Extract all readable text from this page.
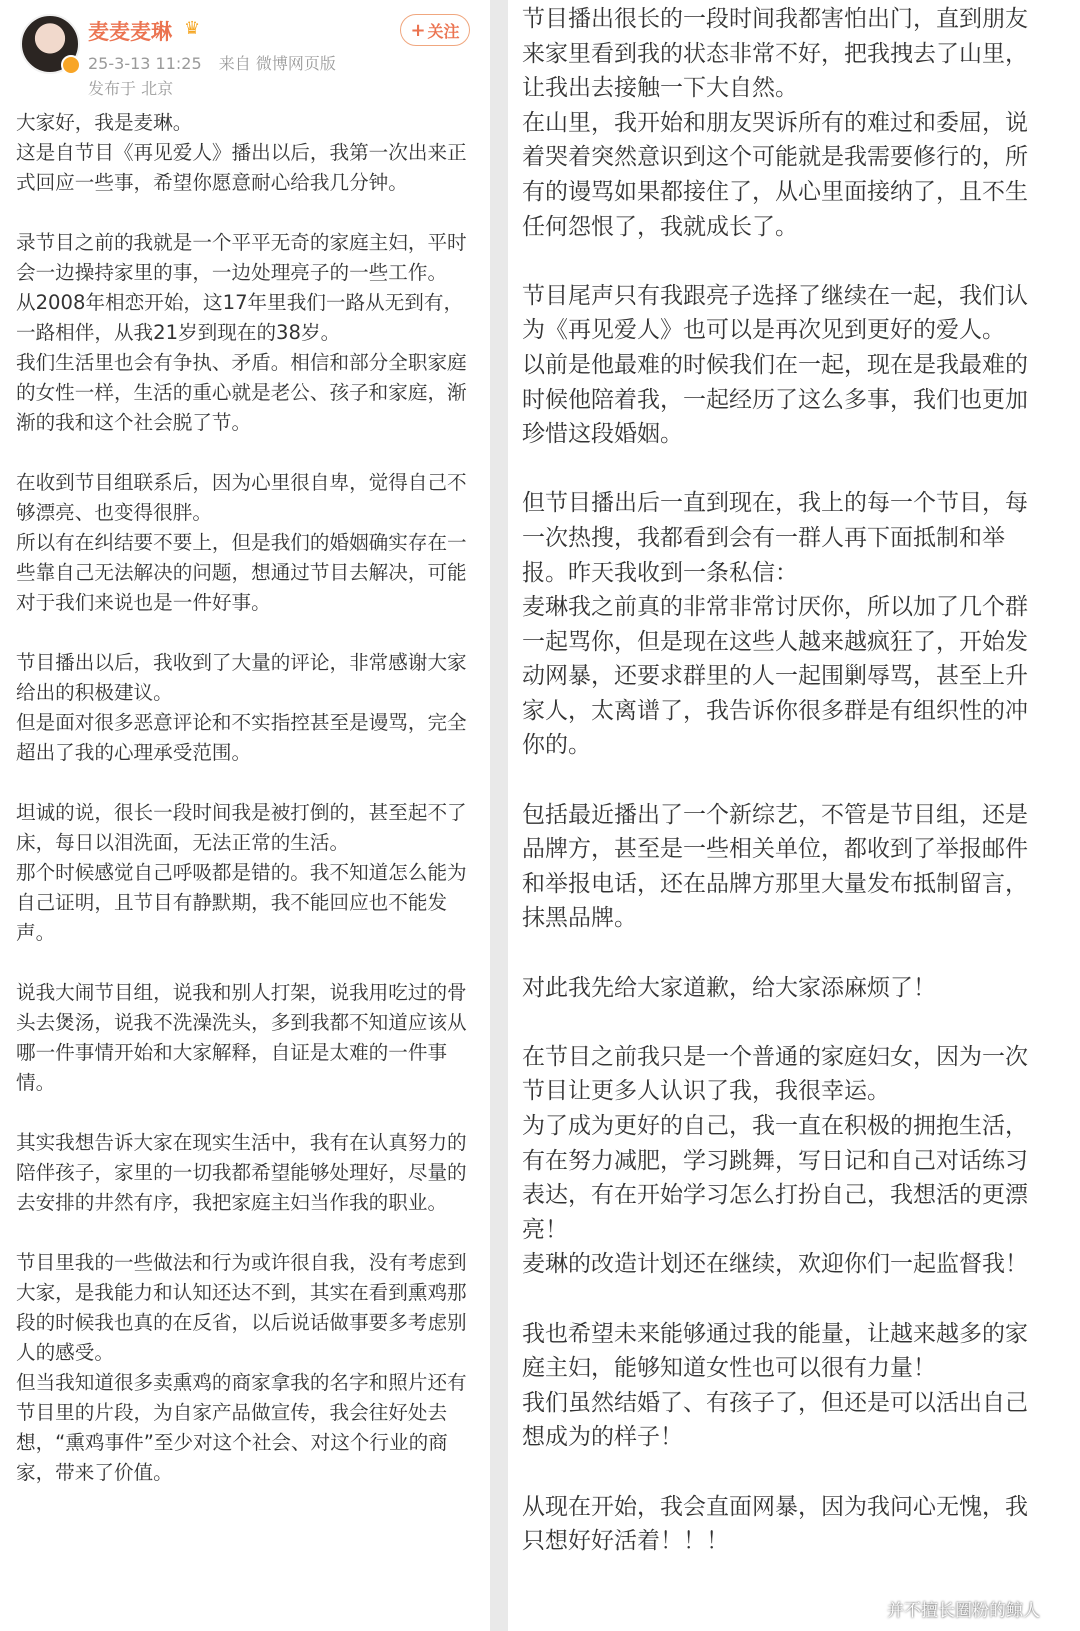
麦麦麦琳 ♛
25-3-13 11:25 来自 微博网页版
发布于 北京
+ 关注
大家好，我是麦琳。
这是自节目《再见爱人》播出以后，我第一次出来正式回应一些事，希望你愿意耐心给我几分钟。
录节目之前的我就是一个平平无奇的家庭主妇，平时会一边操持家里的事，一边处理亮子的一些工作。
从2008年相恋开始，这17年里我们一路从无到有，一路相伴，从我21岁到现在的38岁。
我们生活里也会有争执、矛盾。相信和部分全职家庭的女性一样，生活的重心就是老公、孩子和家庭，渐渐的我和这个社会脱了节。
在收到节目组联系后，因为心里很自卑，觉得自己不够漂亮、也变得很胖。
所以有在纠结要不要上，但是我们的婚姻确实存在一些靠自己无法解决的问题，想通过节目去解决，可能对于我们来说也是一件好事。
节目播出以后，我收到了大量的评论，非常感谢大家给出的积极建议。
但是面对很多恶意评论和不实指控甚至是谩骂，完全超出了我的心理承受范围。
坦诚的说，很长一段时间我是被打倒的，甚至起不了床，每日以泪洗面，无法正常的生活。
那个时候感觉自己呼吸都是错的。我不知道怎么能为自己证明，且节目有静默期，我不能回应也不能发声。
说我大闹节目组，说我和别人打架，说我用吃过的骨头去煲汤，说我不洗澡洗头，多到我都不知道应该从哪一件事情开始和大家解释，自证是太难的一件事情。
其实我想告诉大家在现实生活中，我有在认真努力的陪伴孩子，家里的一切我都希望能够处理好，尽量的去安排的井然有序，我把家庭主妇当作我的职业。
节目里我的一些做法和行为或许很自我，没有考虑到大家，是我能力和认知还达不到，其实在看到熏鸡那段的时候我也真的在反省，以后说话做事要多考虑别人的感受。
但当我知道很多卖熏鸡的商家拿我的名字和照片还有节目里的片段，为自家产品做宣传，我会往好处去想，“熏鸡事件”至少对这个社会、对这个行业的商家，带来了价值。
节目播出很长的一段时间我都害怕出门，直到朋友来家里看到我的状态非常不好，把我拽去了山里，让我出去接触一下大自然。
在山里，我开始和朋友哭诉所有的难过和委屈，说着哭着突然意识到这个可能就是我需要修行的，所有的谩骂如果都接住了，从心里面接纳了，且不生任何怨恨了，我就成长了。
节目尾声只有我跟亮子选择了继续在一起，我们认为《再见爱人》也可以是再次见到更好的爱人。
以前是他最难的时候我们在一起，现在是我最难的时候他陪着我，一起经历了这么多事，我们也更加珍惜这段婚姻。
但节目播出后一直到现在，我上的每一个节目，每一次热搜，我都看到会有一群人再下面抵制和举报。昨天我收到一条私信：
麦琳我之前真的非常非常讨厌你，所以加了几个群一起骂你，但是现在这些人越来越疯狂了，开始发动网暴，还要求群里的人一起围剿辱骂，甚至上升家人，太离谱了，我告诉你很多群是有组织性的冲你的。
包括最近播出了一个新综艺，不管是节目组，还是品牌方，甚至是一些相关单位，都收到了举报邮件和举报电话，还在品牌方那里大量发布抵制留言，抹黑品牌。
对此我先给大家道歉，给大家添麻烦了！
在节目之前我只是一个普通的家庭妇女，因为一次节目让更多人认识了我，我很幸运。
为了成为更好的自己，我一直在积极的拥抱生活，有在努力减肥，学习跳舞，写日记和自己对话练习表达，有在开始学习怎么打扮自己，我想活的更漂亮！
麦琳的改造计划还在继续，欢迎你们一起监督我！
我也希望未来能够通过我的能量，让越来越多的家庭主妇，能够知道女性也可以很有力量！
我们虽然结婚了、有孩子了，但还是可以活出自己想成为的样子！
从现在开始，我会直面网暴，因为我问心无愧，我只想好好活着！！！
并不擅长圈粉的鲸人
